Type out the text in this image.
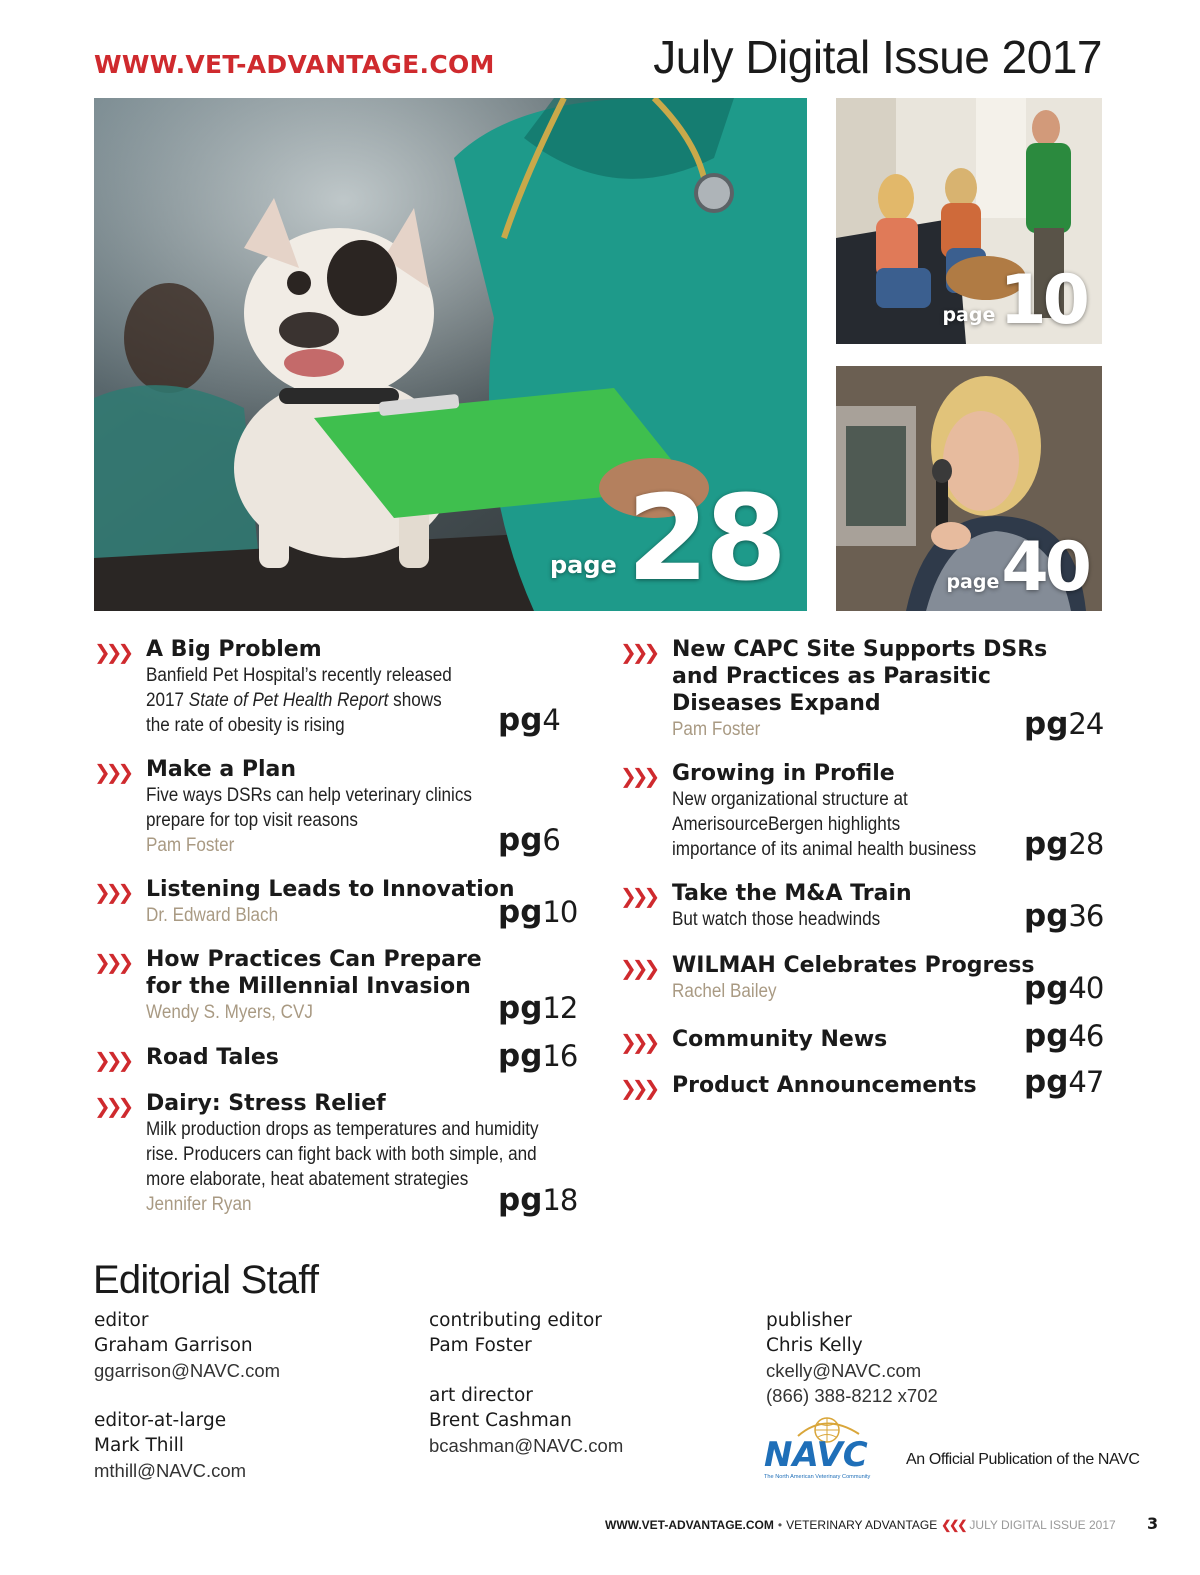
WWW.VET-ADVANTAGE.COM	July Digital Issue 2017
page 28
page 10
page 40
❯❯❯ A Big Problem
Banfield Pet Hospital’s recently released
2017 State of Pet Health Report shows
the rate of obesity is rising	pg4
❯❯❯ Make a Plan
Five ways DSRs can help veterinary clinics
prepare for top visit reasons
Pam Foster	pg6
❯❯❯ Listening Leads to Innovation
Dr. Edward Blach	pg10
❯❯❯ How Practices Can Prepare
for the Millennial Invasion
Wendy S. Myers, CVJ	pg12
❯❯❯ Road Tales	pg16
❯❯❯ Dairy: Stress Relief
Milk production drops as temperatures and humidity
rise. Producers can fight back with both simple, and
more elaborate, heat abatement strategies
Jennifer Ryan	pg18
❯❯❯ New CAPC Site Supports DSRs
and Practices as Parasitic
Diseases Expand
Pam Foster	pg24
❯❯❯ Growing in Profile
New organizational structure at
AmerisourceBergen highlights
importance of its animal health business	pg28
❯❯❯ Take the M&A Train
But watch those headwinds	pg36
❯❯❯ WILMAH Celebrates Progress
Rachel Bailey	pg40
❯❯❯ Community News	pg46
❯❯❯ Product Announcements	pg47
Editorial Staff
editor
Graham Garrison
ggarrison@NAVC.com
editor-at-large
Mark Thill
mthill@NAVC.com
contributing editor
Pam Foster
art director
Brent Cashman
bcashman@NAVC.com
publisher
Chris Kelly
ckelly@NAVC.com
(866) 388-8212 x702
NAVC
The North American Veterinary Community
An Official Publication of the NAVC
WWW.VET-ADVANTAGE.COM • VETERINARY ADVANTAGE ❮❮❮ JULY DIGITAL ISSUE 2017 3
